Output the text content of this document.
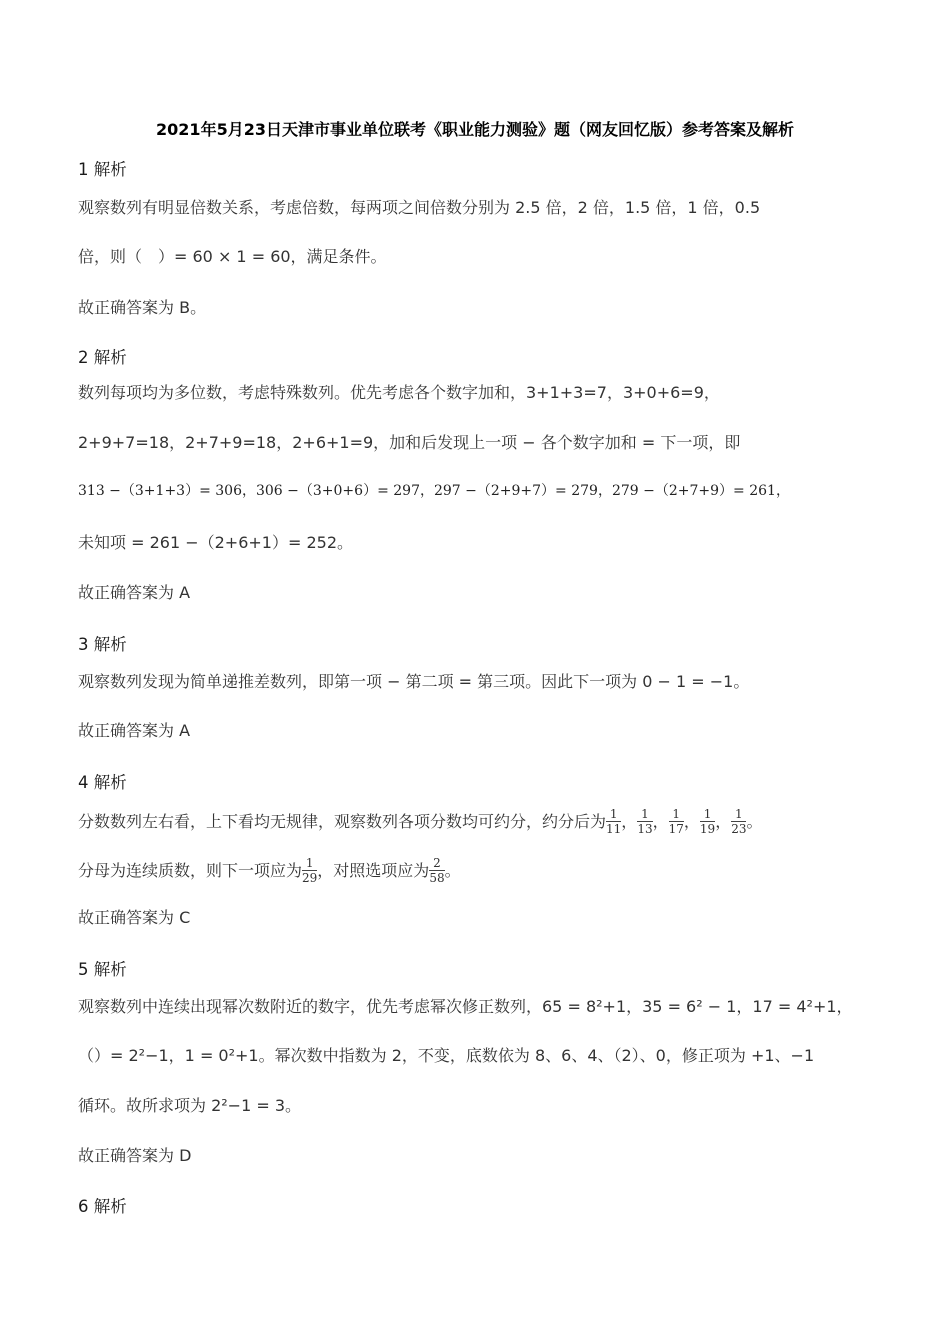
2021年5月23日天津市事业单位联考《职业能力测验》题（网友回忆版）参考答案及解析
1 解析
观察数列有明显倍数关系，考虑倍数，每两项之间倍数分别为 2.5 倍，2 倍，1.5 倍，1 倍，0.5
倍，则（　）= 60 × 1 = 60，满足条件。
故正确答案为 B。
2 解析
数列每项均为多位数，考虑特殊数列。优先考虑各个数字加和，3+1+3=7，3+0+6=9，
2+9+7=18，2+7+9=18，2+6+1=9，加和后发现上一项 − 各个数字加和 = 下一项，即
313 −（3+1+3）= 306，306 −（3+0+6）= 297，297 −（2+9+7）= 279，279 −（2+7+9）= 261，
未知项 = 261 −（2+6+1）= 252。
故正确答案为 A
3 解析
观察数列发现为简单递推差数列，即第一项 − 第二项 = 第三项。因此下一项为 0 − 1 = −1。
故正确答案为 A
4 解析
分数数列左右看，上下看均无规律，观察数列各项分数均可约分，约分后为 $\frac{1}{11}$ ， $\frac{1}{13}$ ， $\frac{1}{17}$ ， $\frac{1}{19}$ ， $\frac{1}{23}$ 。
分母为连续质数，则下一项应为 $\frac{1}{29}$ ，对照选项应为 $\frac{2}{58}$ 。
故正确答案为 C
5 解析
观察数列中连续出现幂次数附近的数字，优先考虑幂次修正数列，65 = 8²+1，35 = 6² − 1，17 = 4²+1，
（）= 2²−1，1 = 0²+1。幂次数中指数为 2，不变，底数依为 8、6、4、（2）、0，修正项为 +1、−1
循环。故所求项为 2²−1 = 3。
故正确答案为 D
6 解析
